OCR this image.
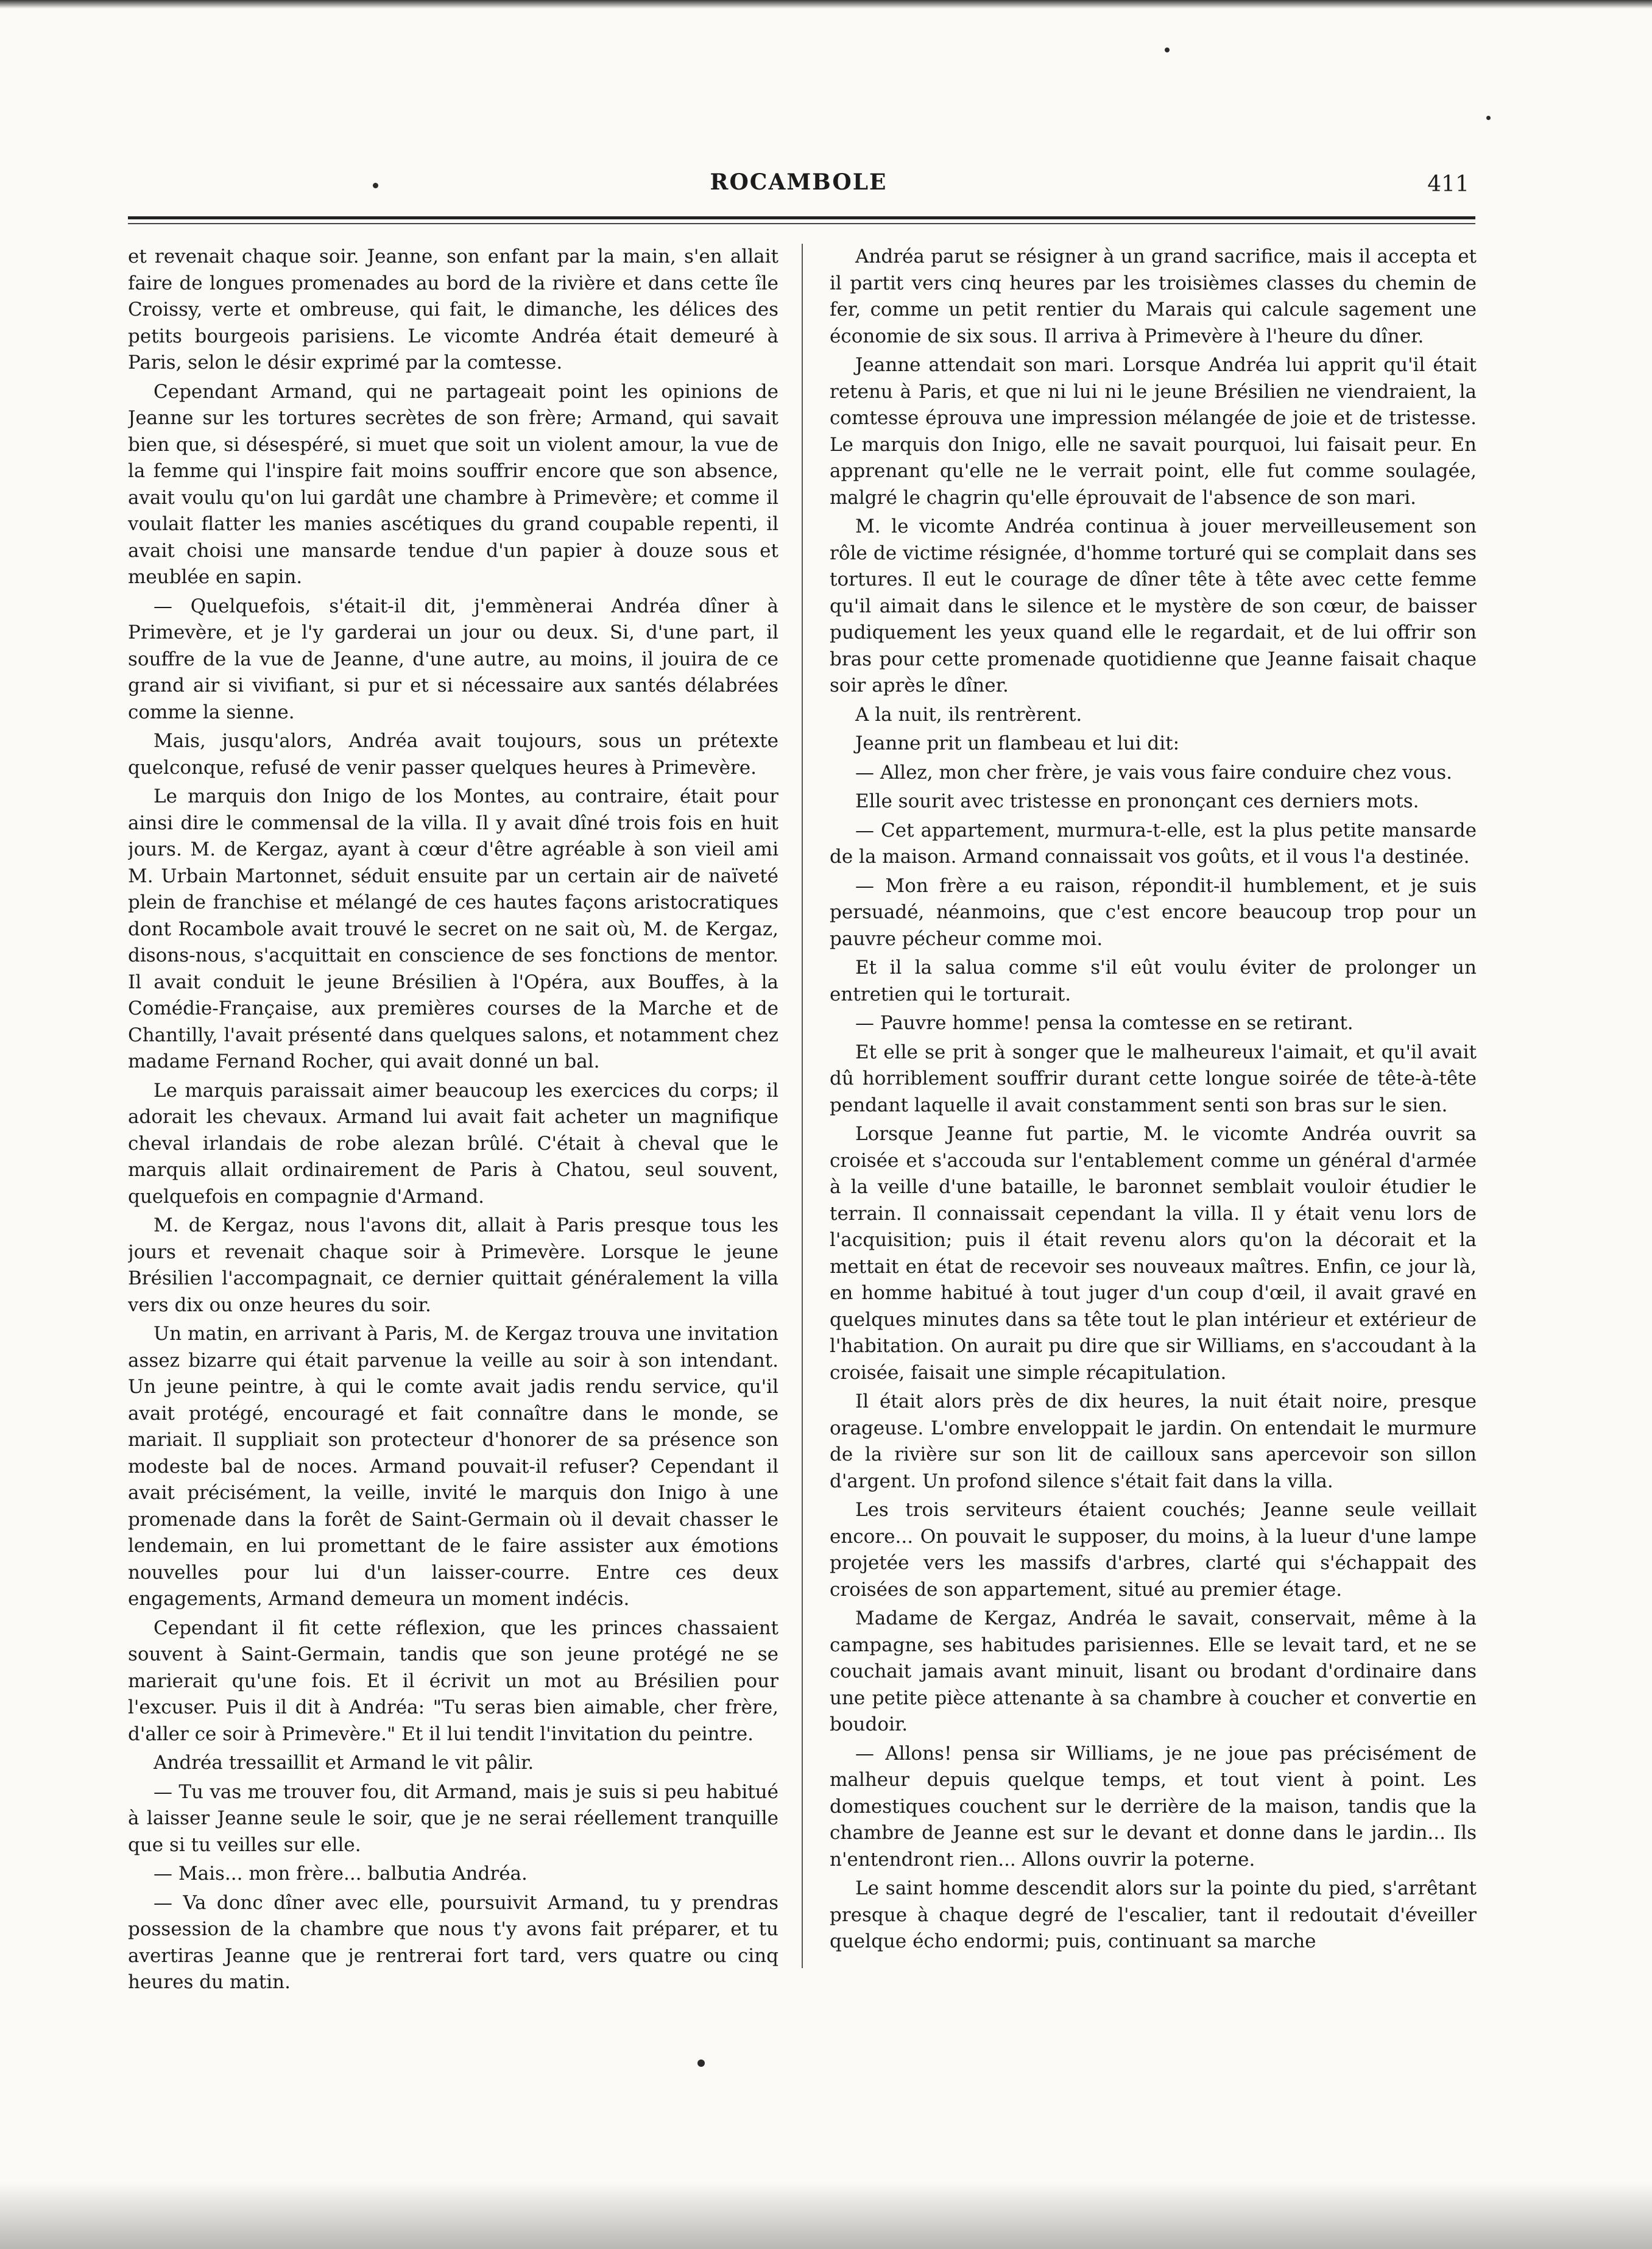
ROCAMBOLE	411

et revenait chaque soir. Jeanne, son enfant par la main, s'en allait faire de longues promenades au bord de la rivière et dans cette île Croissy, verte et ombreuse, qui fait, le dimanche, les délices des petits bourgeois parisiens. Le vicomte Andréa était demeuré à Paris, selon le désir exprimé par la comtesse.

Cependant Armand, qui ne partageait point les opinions de Jeanne sur les tortures secrètes de son frère; Armand, qui savait bien que, si désespéré, si muet que soit un violent amour, la vue de la femme qui l'inspire fait moins souffrir encore que son absence, avait voulu qu'on lui gardât une chambre à Primevère; et comme il voulait flatter les manies ascétiques du grand coupable repenti, il avait choisi une mansarde tendue d'un papier à douze sous et meublée en sapin.

— Quelquefois, s'était-il dit, j'emmènerai Andréa dîner à Primevère, et je l'y garderai un jour ou deux. Si, d'une part, il souffre de la vue de Jeanne, d'une autre, au moins, il jouira de ce grand air si vivifiant, si pur et si nécessaire aux santés délabrées comme la sienne.

Mais, jusqu'alors, Andréa avait toujours, sous un prétexte quelconque, refusé de venir passer quelques heures à Primevère.

Le marquis don Inigo de los Montes, au contraire, était pour ainsi dire le commensal de la villa. Il y avait dîné trois fois en huit jours. M. de Kergaz, ayant à cœur d'être agréable à son vieil ami M. Urbain Martonnet, séduit ensuite par un certain air de naïveté plein de franchise et mélangé de ces hautes façons aristocratiques dont Rocambole avait trouvé le secret on ne sait où, M. de Kergaz, disons-nous, s'acquittait en conscience de ses fonctions de mentor. Il avait conduit le jeune Brésilien à l'Opéra, aux Bouffes, à la Comédie-Française, aux premières courses de la Marche et de Chantilly, l'avait présenté dans quelques salons, et notamment chez madame Fernand Rocher, qui avait donné un bal.

Le marquis paraissait aimer beaucoup les exercices du corps; il adorait les chevaux. Armand lui avait fait acheter un magnifique cheval irlandais de robe alezan brûlé. C'était à cheval que le marquis allait ordinairement de Paris à Chatou, seul souvent, quelquefois en compagnie d'Armand.

M. de Kergaz, nous l'avons dit, allait à Paris presque tous les jours et revenait chaque soir à Primevère. Lorsque le jeune Brésilien l'accompagnait, ce dernier quittait généralement la villa vers dix ou onze heures du soir.

Un matin, en arrivant à Paris, M. de Kergaz trouva une invitation assez bizarre qui était parvenue la veille au soir à son intendant. Un jeune peintre, à qui le comte avait jadis rendu service, qu'il avait protégé, encouragé et fait connaître dans le monde, se mariait. Il suppliait son protecteur d'honorer de sa présence son modeste bal de noces. Armand pouvait-il refuser? Cependant il avait précisément, la veille, invité le marquis don Inigo à une promenade dans la forêt de Saint-Germain où il devait chasser le lendemain, en lui promettant de le faire assister aux émotions nouvelles pour lui d'un laisser-courre. Entre ces deux engagements, Armand demeura un moment indécis.

Cependant il fit cette réflexion, que les princes chassaient souvent à Saint-Germain, tandis que son jeune protégé ne se marierait qu'une fois. Et il écrivit un mot au Brésilien pour l'excuser. Puis il dit à Andréa: "Tu seras bien aimable, cher frère, d'aller ce soir à Primevère." Et il lui tendit l'invitation du peintre.

Andréa tressaillit et Armand le vit pâlir.

— Tu vas me trouver fou, dit Armand, mais je suis si peu habitué à laisser Jeanne seule le soir, que je ne serai réellement tranquille que si tu veilles sur elle.

— Mais... mon frère... balbutia Andréa.

— Va donc dîner avec elle, poursuivit Armand, tu y prendras possession de la chambre que nous t'y avons fait préparer, et tu avertiras Jeanne que je rentrerai fort tard, vers quatre ou cinq heures du matin.

Andréa parut se résigner à un grand sacrifice, mais il accepta et il partit vers cinq heures par les troisièmes classes du chemin de fer, comme un petit rentier du Marais qui calcule sagement une économie de six sous. Il arriva à Primevère à l'heure du dîner.

Jeanne attendait son mari. Lorsque Andréa lui apprit qu'il était retenu à Paris, et que ni lui ni le jeune Brésilien ne viendraient, la comtesse éprouva une impression mélangée de joie et de tristesse. Le marquis don Inigo, elle ne savait pourquoi, lui faisait peur. En apprenant qu'elle ne le verrait point, elle fut comme soulagée, malgré le chagrin qu'elle éprouvait de l'absence de son mari.

M. le vicomte Andréa continua à jouer merveilleusement son rôle de victime résignée, d'homme torturé qui se complait dans ses tortures. Il eut le courage de dîner tête à tête avec cette femme qu'il aimait dans le silence et le mystère de son cœur, de baisser pudiquement les yeux quand elle le regardait, et de lui offrir son bras pour cette promenade quotidienne que Jeanne faisait chaque soir après le dîner.

A la nuit, ils rentrèrent.

Jeanne prit un flambeau et lui dit:

— Allez, mon cher frère, je vais vous faire conduire chez vous.

Elle sourit avec tristesse en prononçant ces derniers mots.

— Cet appartement, murmura-t-elle, est la plus petite mansarde de la maison. Armand connaissait vos goûts, et il vous l'a destinée.

— Mon frère a eu raison, répondit-il humblement, et je suis persuadé, néanmoins, que c'est encore beaucoup trop pour un pauvre pécheur comme moi.

Et il la salua comme s'il eût voulu éviter de prolonger un entretien qui le torturait.

— Pauvre homme! pensa la comtesse en se retirant.

Et elle se prit à songer que le malheureux l'aimait, et qu'il avait dû horriblement souffrir durant cette longue soirée de tête-à-tête pendant laquelle il avait constamment senti son bras sur le sien.

Lorsque Jeanne fut partie, M. le vicomte Andréa ouvrit sa croisée et s'accouda sur l'entablement comme un général d'armée à la veille d'une bataille, le baronnet semblait vouloir étudier le terrain. Il connaissait cependant la villa. Il y était venu lors de l'acquisition; puis il était revenu alors qu'on la décorait et la mettait en état de recevoir ses nouveaux maîtres. Enfin, ce jour là, en homme habitué à tout juger d'un coup d'œil, il avait gravé en quelques minutes dans sa tête tout le plan intérieur et extérieur de l'habitation. On aurait pu dire que sir Williams, en s'accoudant à la croisée, faisait une simple récapitulation.

Il était alors près de dix heures, la nuit était noire, presque orageuse. L'ombre enveloppait le jardin. On entendait le murmure de la rivière sur son lit de cailloux sans apercevoir son sillon d'argent. Un profond silence s'était fait dans la villa.

Les trois serviteurs étaient couchés; Jeanne seule veillait encore... On pouvait le supposer, du moins, à la lueur d'une lampe projetée vers les massifs d'arbres, clarté qui s'échappait des croisées de son appartement, situé au premier étage.

Madame de Kergaz, Andréa le savait, conservait, même à la campagne, ses habitudes parisiennes. Elle se levait tard, et ne se couchait jamais avant minuit, lisant ou brodant d'ordinaire dans une petite pièce attenante à sa chambre à coucher et convertie en boudoir.

— Allons! pensa sir Williams, je ne joue pas précisément de malheur depuis quelque temps, et tout vient à point. Les domestiques couchent sur le derrière de la maison, tandis que la chambre de Jeanne est sur le devant et donne dans le jardin... Ils n'entendront rien... Allons ouvrir la poterne.

Le saint homme descendit alors sur la pointe du pied, s'arrêtant presque à chaque degré de l'escalier, tant il redoutait d'éveiller quelque écho endormi; puis, continuant sa marche
